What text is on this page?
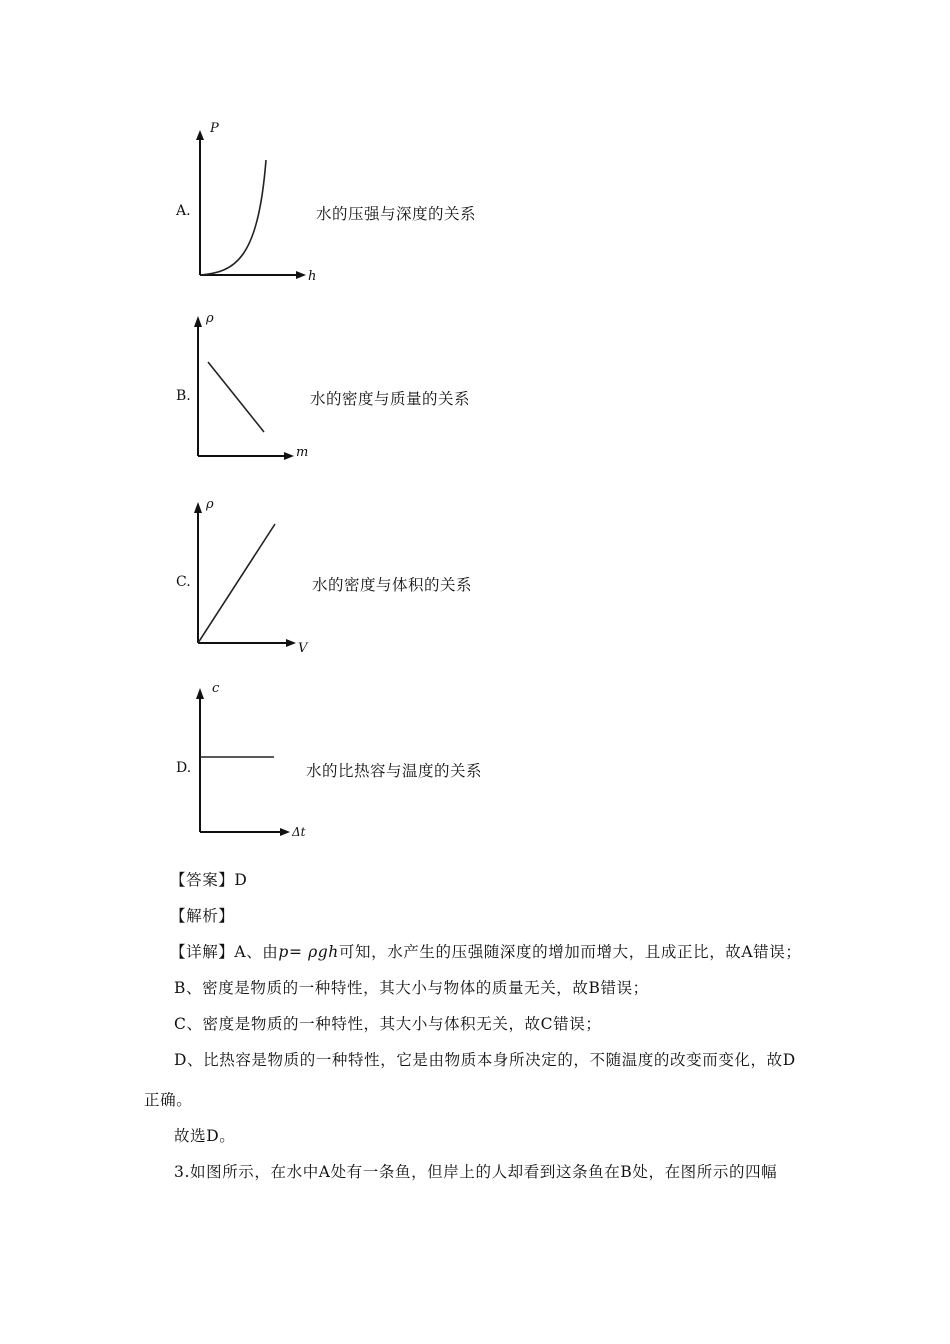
A.
P
h
水的压强与深度的关系
B.
ρ
m
水的密度与质量的关系
C.
ρ
V
水的密度与体积的关系
D.
c
Δt
水的比热容与温度的关系
【答案】D
【解析】
【详解】A、由p= ρgh可知，水产生的压强随深度的增加而增大，且成正比，故A错误；
B、密度是物质的一种特性，其大小与物体的质量无关，故B错误；
C、密度是物质的一种特性，其大小与体积无关，故C错误；
D、比热容是物质的一种特性，它是由物质本身所决定的，不随温度的改变而变化，故D
正确。
故选D。
3.如图所示，在水中A处有一条鱼，但岸上的人却看到这条鱼在B处，在图所示的四幅
